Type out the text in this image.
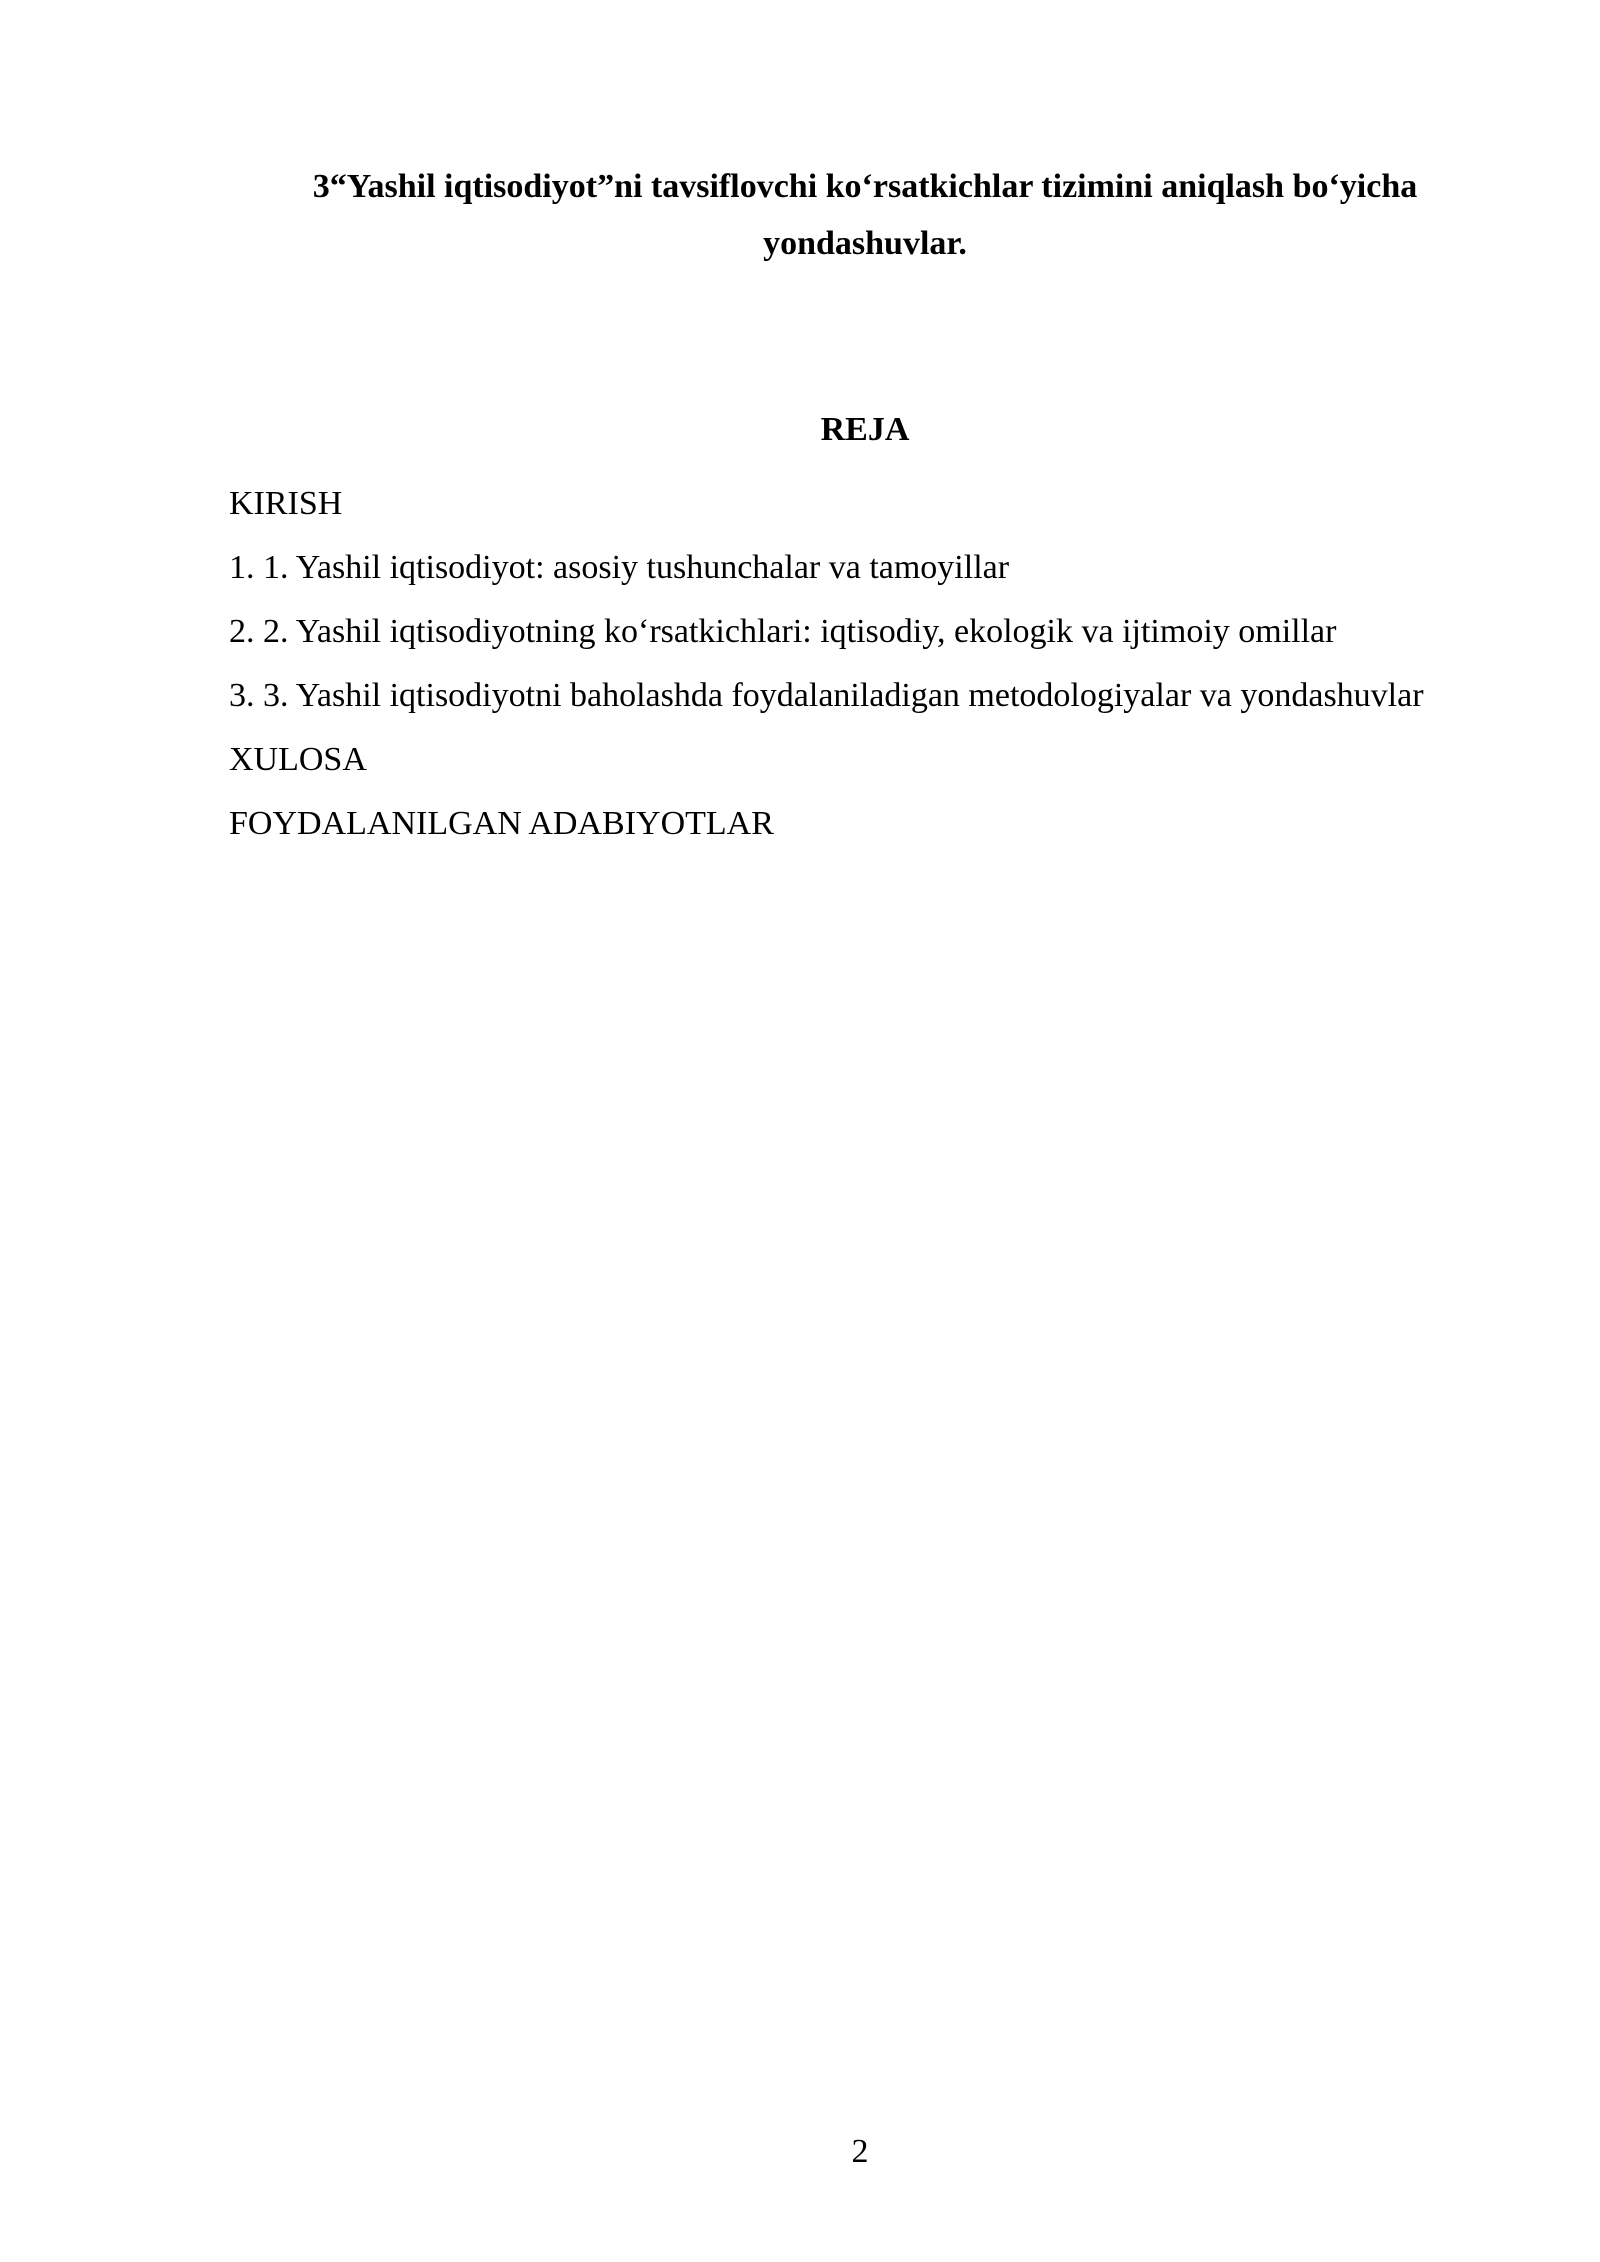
3“Yashil iqtisodiyot”ni tavsiflovchi ko‘rsatkichlar tizimini aniqlash bo‘yicha yondashuvlar.
REJA
KIRISH
1. 1. Yashil iqtisodiyot: asosiy tushunchalar va tamoyillar
2. 2. Yashil iqtisodiyotning ko‘rsatkichlari: iqtisodiy, ekologik va ijtimoiy omillar
3. 3. Yashil iqtisodiyotni baholashda foydalaniladigan metodologiyalar va yondashuvlar
XULOSA
FOYDALANILGAN ADABIYOTLAR
2
